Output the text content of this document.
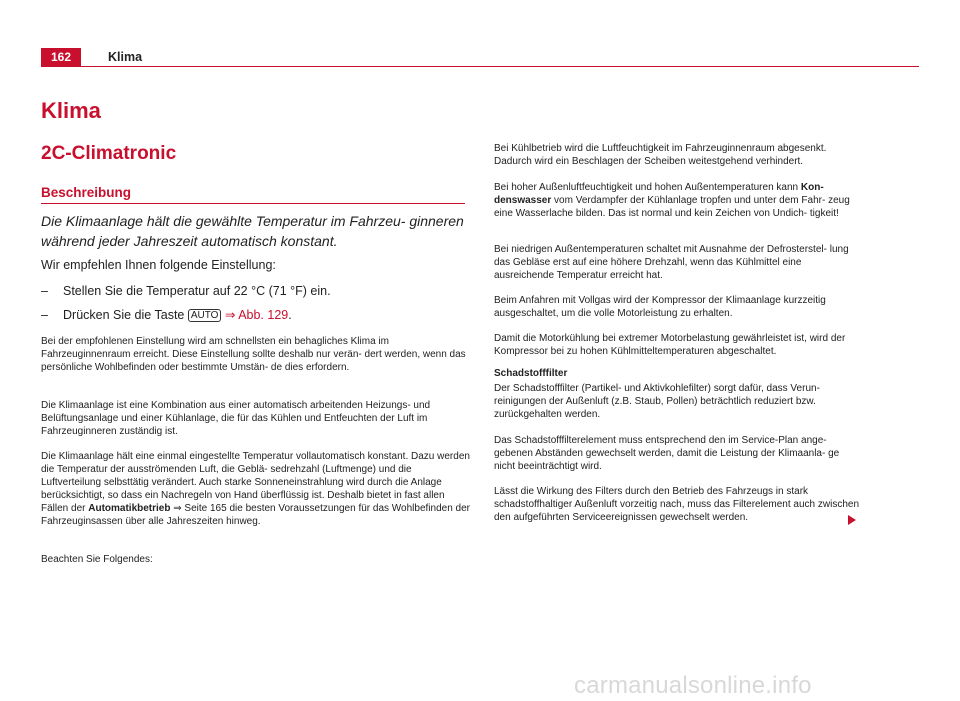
162	Klima
Klima
2C-Climatronic
Beschreibung
Die Klimaanlage hält die gewählte Temperatur im Fahrzeu- ginneren während jeder Jahreszeit automatisch konstant.
Wir empfehlen Ihnen folgende Einstellung:
– Stellen Sie die Temperatur auf 22 °C (71 °F) ein.
– Drücken Sie die Taste AUTO ⇒ Abb. 129.
Bei der empfohlenen Einstellung wird am schnellsten ein behagliches Klima im Fahrzeuginnenraum erreicht. Diese Einstellung sollte deshalb nur verän- dert werden, wenn das persönliche Wohlbefinden oder bestimmte Umstän- de dies erfordern.
Die Klimaanlage ist eine Kombination aus einer automatisch arbeitenden Heizungs- und Belüftungsanlage und einer Kühlanlage, die für das Kühlen und Entfeuchten der Luft im Fahrzeuginneren zuständig ist.
Die Klimaanlage hält eine einmal eingestellte Temperatur vollautomatisch konstant. Dazu werden die Temperatur der ausströmenden Luft, die Geblä- sedrehzahl (Luftmenge) und die Luftverteilung selbsttätig verändert. Auch starke Sonneneinstrahlung wird durch die Anlage berücksichtigt, so dass ein Nachregeln von Hand überflüssig ist. Deshalb bietet in fast allen Fällen der Automatikbetrieb ⇒ Seite 165 die besten Voraussetzungen für das Wohlbefinden der Fahrzeuginsassen über alle Jahreszeiten hinweg.
Beachten Sie Folgendes:
Bei Kühlbetrieb wird die Luftfeuchtigkeit im Fahrzeuginnenraum abgesenkt. Dadurch wird ein Beschlagen der Scheiben weitestgehend verhindert.
Bei hoher Außenluftfeuchtigkeit und hohen Außentemperaturen kann Kon- denswasser vom Verdampfer der Kühlanlage tropfen und unter dem Fahr- zeug eine Wasserlache bilden. Das ist normal und kein Zeichen von Undich- tigkeit!
Bei niedrigen Außentemperaturen schaltet mit Ausnahme der Defrosterstel- lung das Gebläse erst auf eine höhere Drehzahl, wenn das Kühlmittel eine ausreichende Temperatur erreicht hat.
Beim Anfahren mit Vollgas wird der Kompressor der Klimaanlage kurzzeitig ausgeschaltet, um die volle Motorleistung zu erhalten.
Damit die Motorkühlung bei extremer Motorbelastung gewährleistet ist, wird der Kompressor bei zu hohen Kühlmitteltemperaturen abgeschaltet.
Schadstofffilter
Der Schadstofffilter (Partikel- und Aktivkohlefilter) sorgt dafür, dass Verun- reinigungen der Außenluft (z.B. Staub, Pollen) beträchtlich reduziert bzw. zurückgehalten werden.
Das Schadstofffilterelement muss entsprechend den im Service-Plan ange- gebenen Abständen gewechselt werden, damit die Leistung der Klimaanla- ge nicht beeinträchtigt wird.
Lässt die Wirkung des Filters durch den Betrieb des Fahrzeugs in stark schadstoffhaltiger Außenluft vorzeitig nach, muss das Filterelement auch zwischen den aufgeführten Serviceereignissen gewechselt werden.
carmanualsonline.info
